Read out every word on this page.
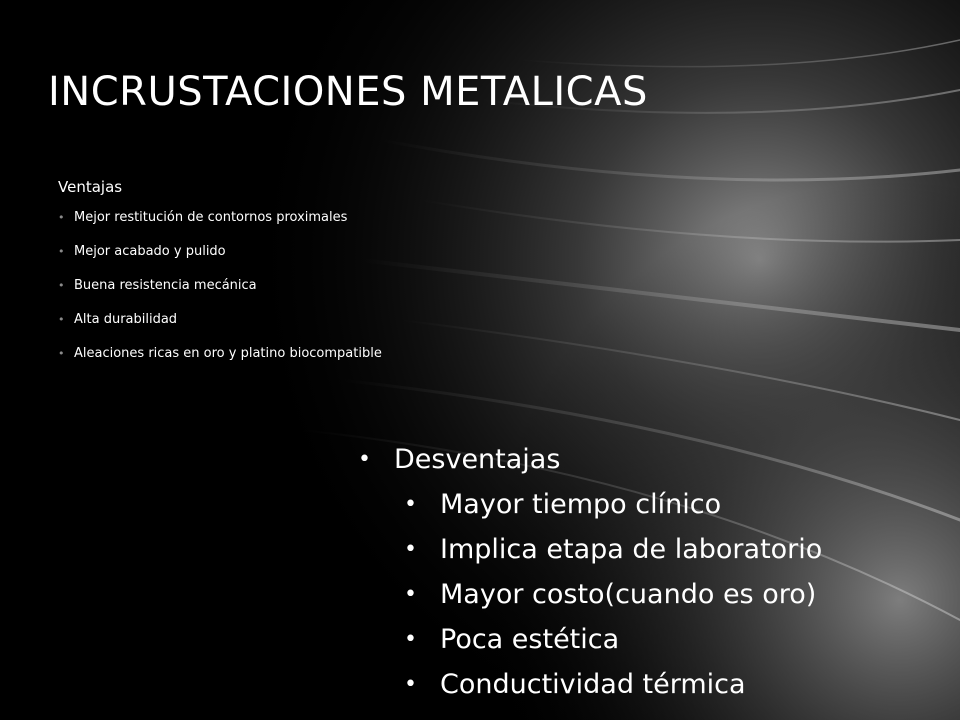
INCRUSTACIONES METALICAS
Ventajas
• Mejor restitución de contornos proximales
• Mejor acabado y pulido
• Buena resistencia mecánica
• Alta durabilidad
• Aleaciones ricas en oro y platino biocompatible
• Desventajas
• Mayor tiempo clínico
• Implica etapa de laboratorio
• Mayor costo(cuando es oro)
• Poca estética
• Conductividad térmica
